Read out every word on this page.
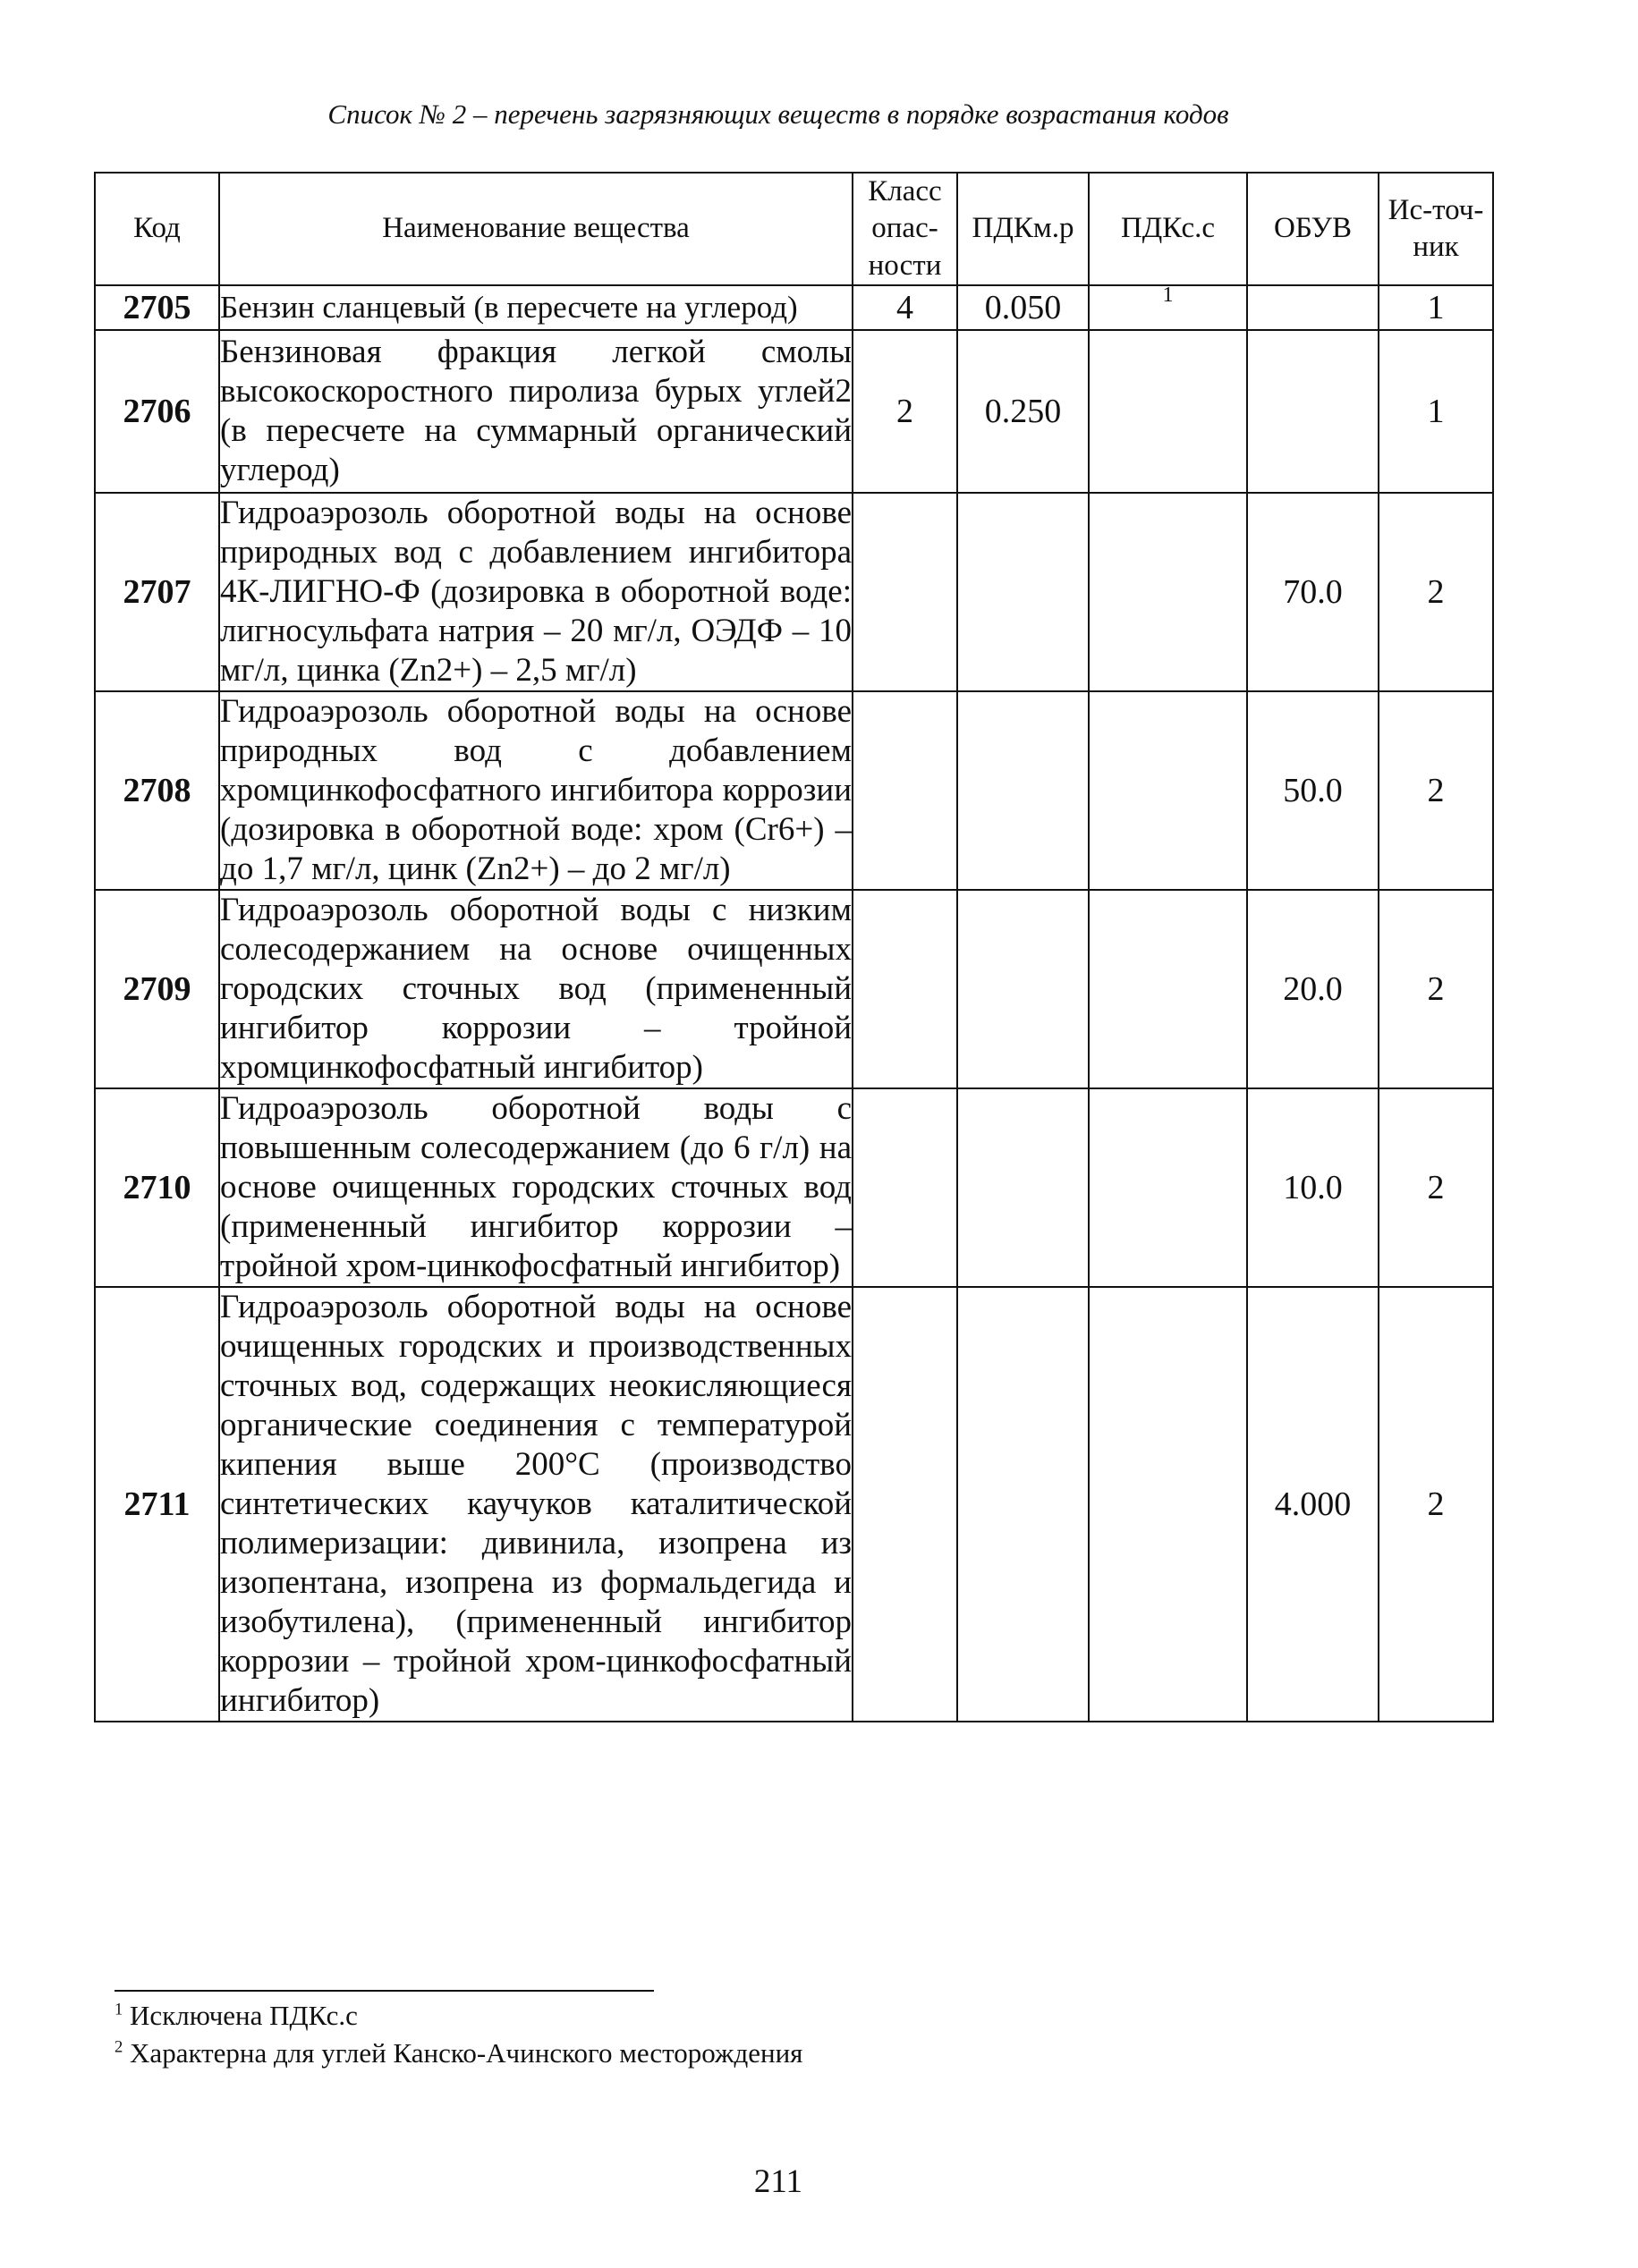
Список № 2 – перечень загрязняющих веществ в порядке возрастания кодов
Код	Наименование вещества	Класс опас-ности	ПДКм.р	ПДКс.с	ОБУВ	Ис-точ-ник
2705	Бензин сланцевый (в пересчете на углерод)	4	0.050	1		1
2706	Бензиновая фракция легкой смолы высокоскоростного пиролиза бурых углей2 (в пересчете на суммарный органический углерод)	2	0.250			1
2707	Гидроаэрозоль оборотной воды на основе природных вод с добавлением ингибитора 4К-ЛИГНО-Ф (дозировка в оборотной воде: лигносульфата натрия – 20 мг/л, ОЭДФ – 10 мг/л, цинка (Zn2+) – 2,5 мг/л)				70.0	2
2708	Гидроаэрозоль оборотной воды на основе природных вод с добавлением хромцинкофосфатного ингибитора коррозии (дозировка в оборотной воде: хром (Cr6+) – до 1,7 мг/л, цинк (Zn2+) – до 2 мг/л)				50.0	2
2709	Гидроаэрозоль оборотной воды с низким солесодержанием на основе очищенных городских сточных вод (примененный ингибитор коррозии – тройной хромцинкофосфатный ингибитор)				20.0	2
2710	Гидроаэрозоль оборотной воды с повышенным солесодержанием (до 6 г/л) на основе очищенных городских сточных вод (примененный ингибитор коррозии – тройной хром-цинкофосфатный ингибитор)				10.0	2
2711	Гидроаэрозоль оборотной воды на основе очищенных городских и производственных сточных вод, содержащих неокисляющиеся органические соединения с температурой кипения выше 200°С (производство синтетических каучуков каталитической полимеризации: дивинила, изопрена из изопентана, изопрена из формальдегида и изобутилена), (примененный ингибитор коррозии – тройной хром-цинкофосфатный ингибитор)				4.000	2
$^1$ Исключена ПДКс.с
$^2$ Характерна для углей Канско-Ачинского месторождения
211
